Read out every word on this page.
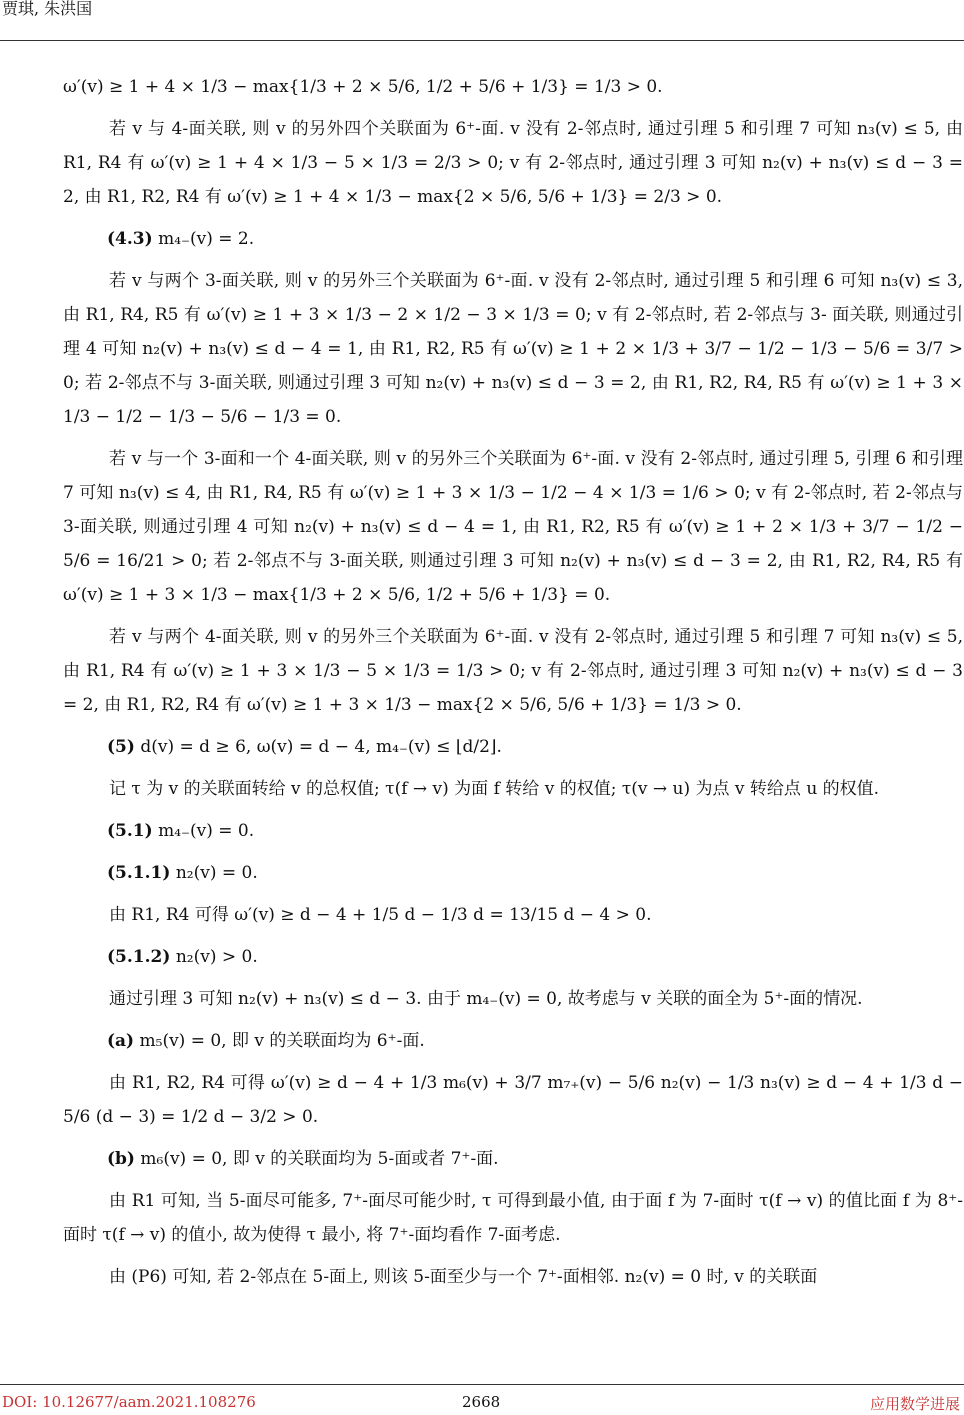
贾琪, 朱洪国

ω′(v) ≥ 1 + 4 × 1/3 − max{1/3 + 2 × 5/6, 1/2 + 5/6 + 1/3} = 1/3 > 0.

若 v 与 4-面关联, 则 v 的另外四个关联面为 6⁺-面. v 没有 2-邻点时, 通过引理 5 和引理 7 可知 n₃(v) ≤ 5, 由 R1, R4 有 ω′(v) ≥ 1 + 4 × 1/3 − 5 × 1/3 = 2/3 > 0; v 有 2-邻点时, 通过引理 3 可知 n₂(v) + n₃(v) ≤ d − 3 = 2, 由 R1, R2, R4 有 ω′(v) ≥ 1 + 4 × 1/3 − max{2 × 5/6, 5/6 + 1/3} = 2/3 > 0.

(4.3) m₄₋(v) = 2.

若 v 与两个 3-面关联, 则 v 的另外三个关联面为 6⁺-面. v 没有 2-邻点时, 通过引理 5 和引理 6 可知 n₃(v) ≤ 3, 由 R1, R4, R5 有 ω′(v) ≥ 1 + 3 × 1/3 − 2 × 1/2 − 3 × 1/3 = 0; v 有 2-邻点时, 若 2-邻点与 3- 面关联, 则通过引理 4 可知 n₂(v) + n₃(v) ≤ d − 4 = 1, 由 R1, R2, R5 有 ω′(v) ≥ 1 + 2 × 1/3 + 3/7 − 1/2 − 1/3 − 5/6 = 3/7 > 0; 若 2-邻点不与 3-面关联, 则通过引理 3 可知 n₂(v) + n₃(v) ≤ d − 3 = 2, 由 R1, R2, R4, R5 有 ω′(v) ≥ 1 + 3 × 1/3 − 1/2 − 1/3 − 5/6 − 1/3 = 0.

若 v 与一个 3-面和一个 4-面关联, 则 v 的另外三个关联面为 6⁺-面. v 没有 2-邻点时, 通过引理 5, 引理 6 和引理 7 可知 n₃(v) ≤ 4, 由 R1, R4, R5 有 ω′(v) ≥ 1 + 3 × 1/3 − 1/2 − 4 × 1/3 = 1/6 > 0; v 有 2-邻点时, 若 2-邻点与 3-面关联, 则通过引理 4 可知 n₂(v) + n₃(v) ≤ d − 4 = 1, 由 R1, R2, R5 有 ω′(v) ≥ 1 + 2 × 1/3 + 3/7 − 1/2 − 5/6 = 16/21 > 0; 若 2-邻点不与 3-面关联, 则通过引理 3 可知 n₂(v) + n₃(v) ≤ d − 3 = 2, 由 R1, R2, R4, R5 有 ω′(v) ≥ 1 + 3 × 1/3 − max{1/3 + 2 × 5/6, 1/2 + 5/6 + 1/3} = 0.

若 v 与两个 4-面关联, 则 v 的另外三个关联面为 6⁺-面. v 没有 2-邻点时, 通过引理 5 和引理 7 可知 n₃(v) ≤ 5, 由 R1, R4 有 ω′(v) ≥ 1 + 3 × 1/3 − 5 × 1/3 = 1/3 > 0; v 有 2-邻点时, 通过引理 3 可知 n₂(v) + n₃(v) ≤ d − 3 = 2, 由 R1, R2, R4 有 ω′(v) ≥ 1 + 3 × 1/3 − max{2 × 5/6, 5/6 + 1/3} = 1/3 > 0.

(5) d(v) = d ≥ 6, ω(v) = d − 4, m₄₋(v) ≤ ⌊d/2⌋.

记 τ 为 v 的关联面转给 v 的总权值; τ(f → v) 为面 f 转给 v 的权值; τ(v → u) 为点 v 转给点 u 的权值.

(5.1) m₄₋(v) = 0.

(5.1.1) n₂(v) = 0.

由 R1, R4 可得 ω′(v) ≥ d − 4 + 1/5 d − 1/3 d = 13/15 d − 4 > 0.

(5.1.2) n₂(v) > 0.

通过引理 3 可知 n₂(v) + n₃(v) ≤ d − 3. 由于 m₄₋(v) = 0, 故考虑与 v 关联的面全为 5⁺-面的情况.

(a) m₅(v) = 0, 即 v 的关联面均为 6⁺-面.

由 R1, R2, R4 可得 ω′(v) ≥ d − 4 + 1/3 m₆(v) + 3/7 m₇₊(v) − 5/6 n₂(v) − 1/3 n₃(v) ≥ d − 4 + 1/3 d − 5/6 (d − 3) = 1/2 d − 3/2 > 0.

(b) m₆(v) = 0, 即 v 的关联面均为 5-面或者 7⁺-面.

由 R1 可知, 当 5-面尽可能多, 7⁺-面尽可能少时, τ 可得到最小值, 由于面 f 为 7-面时 τ(f → v) 的值比面 f 为 8⁺-面时 τ(f → v) 的值小, 故为使得 τ 最小, 将 7⁺-面均看作 7-面考虑.

由 (P6) 可知, 若 2-邻点在 5-面上, 则该 5-面至少与一个 7⁺-面相邻. n₂(v) = 0 时, v 的关联面

DOI: 10.12677/aam.2021.108276	2668	应用数学进展
